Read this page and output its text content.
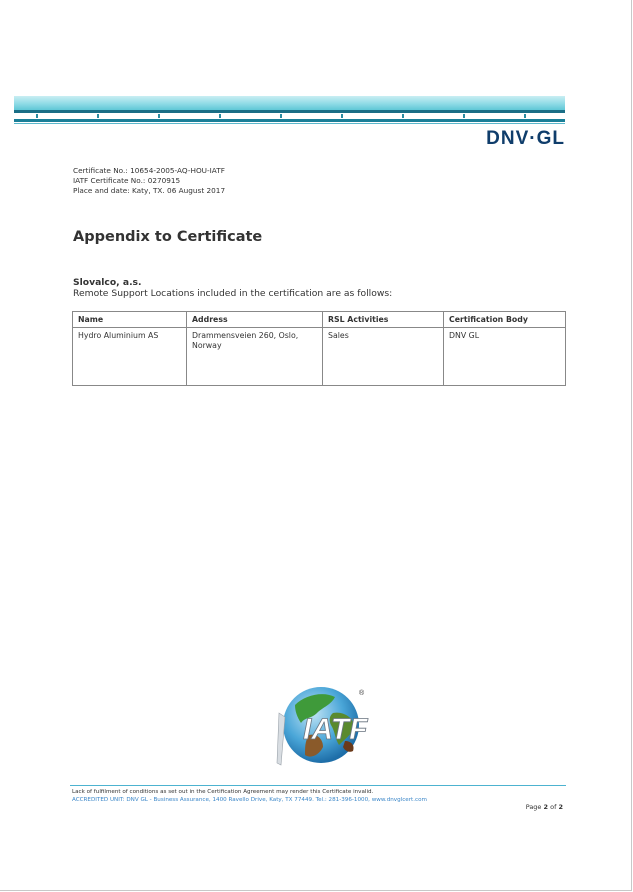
DNV·GL
Certificate No.: 10654-2005-AQ-HOU-IATF
IATF Certificate No.: 0270915
Place and date: Katy, TX. 06 August 2017
Appendix to Certificate
Slovalco, a.s.
Remote Support Locations included in the certification are as follows:
Name	Address	RSL Activities	Certification Body
Hydro Aluminium AS	Drammensveien 260, Oslo, Norway	Sales	DNV GL
IATF
®
Lack of fulfilment of conditions as set out in the Certification Agreement may render this Certificate invalid.
ACCREDITED UNIT: DNV GL - Business Assurance, 1400 Ravello Drive, Katy, TX 77449. Tel.: 281-396-1000, www.dnvglcert.com
Page 2 of 2
